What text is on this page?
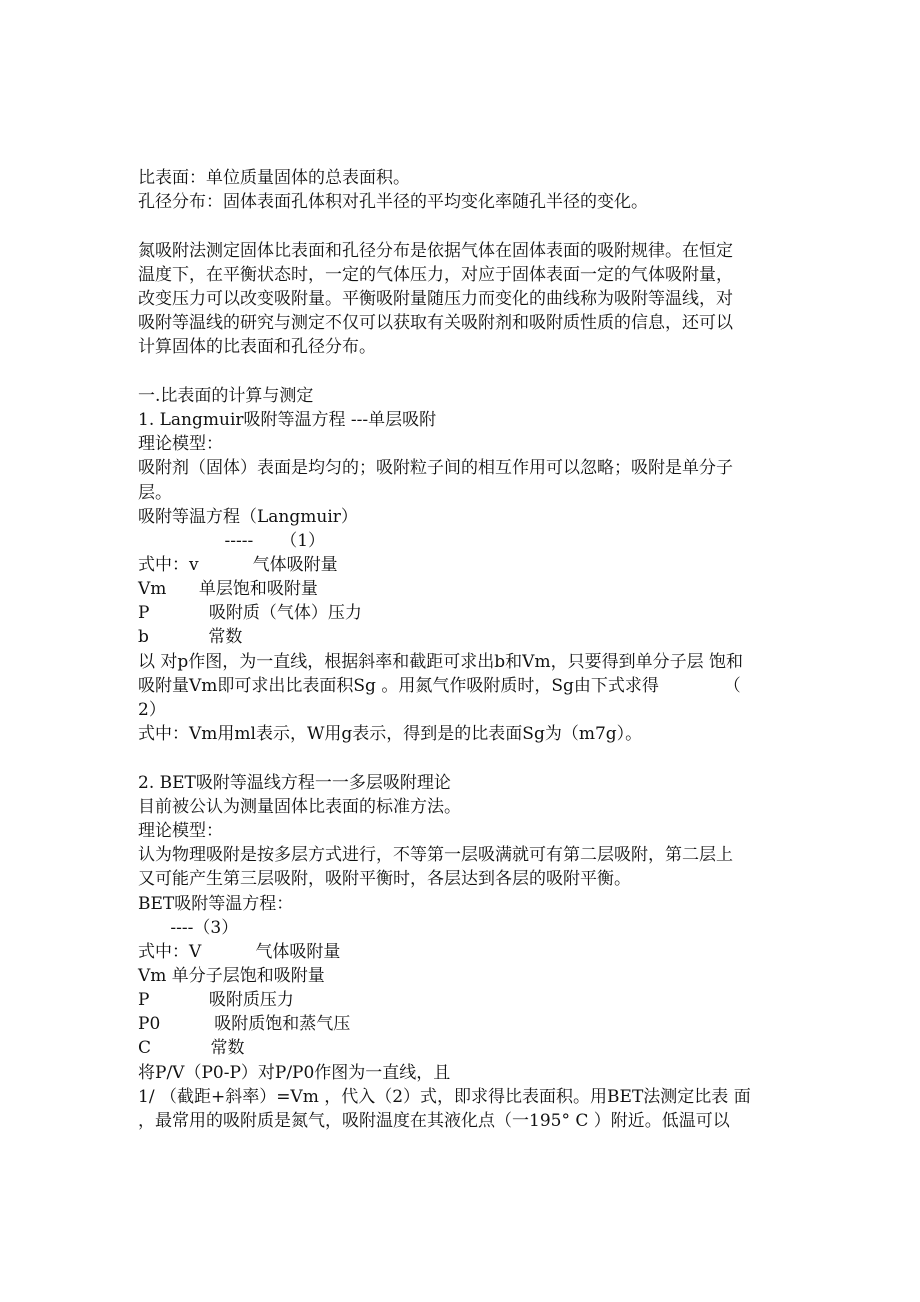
比表面：单位质量固体的总表面积。
孔径分布：固体表面孔体积对孔半径的平均变化率随孔半径的变化。
氮吸附法测定固体比表面和孔径分布是依据气体在固体表面的吸附规律。在恒定
温度下，在平衡状态时，一定的气体压力，对应于固体表面一定的气体吸附量，
改变压力可以改变吸附量。平衡吸附量随压力而变化的曲线称为吸附等温线，对
吸附等温线的研究与测定不仅可以获取有关吸附剂和吸附质性质的信息，还可以
计算固体的比表面和孔径分布。
一.比表面的计算与测定
1. Langmuir吸附等温方程 ---单层吸附
理论模型：
吸附剂（固体）表面是均匀的；吸附粒子间的相互作用可以忽略；吸附是单分子
层。
吸附等温方程（Langmuir）
-----     （1）
式中：v          气体吸附量
Vm      单层饱和吸附量
P           吸附质（气体）压力
b           常数
以 对p作图，为一直线，根据斜率和截距可求出b和Vm，只要得到单分子层 饱和
吸附量Vm即可求出比表面积Sg 。用氮气作吸附质时，Sg由下式求得            （
2）
式中：Vm用ml表示，W用g表示，得到是的比表面Sg为（m7g）。
2. BET吸附等温线方程一一多层吸附理论
目前被公认为测量固体比表面的标准方法。
理论模型：
认为物理吸附是按多层方式进行，不等第一层吸满就可有第二层吸附，第二层上
又可能产生第三层吸附，吸附平衡时，各层达到各层的吸附平衡。
BET吸附等温方程：
----（3）
式中：V          气体吸附量
Vm 单分子层饱和吸附量
P           吸附质压力
P0          吸附质饱和蒸气压
C           常数
将P/V（P0-P）对P/P0作图为一直线，且
1/ （截距+斜率）=Vm ，代入（2）式，即求得比表面积。用BET法测定比表 面
，最常用的吸附质是氮气，吸附温度在其液化点（一195° C ）附近。低温可以
